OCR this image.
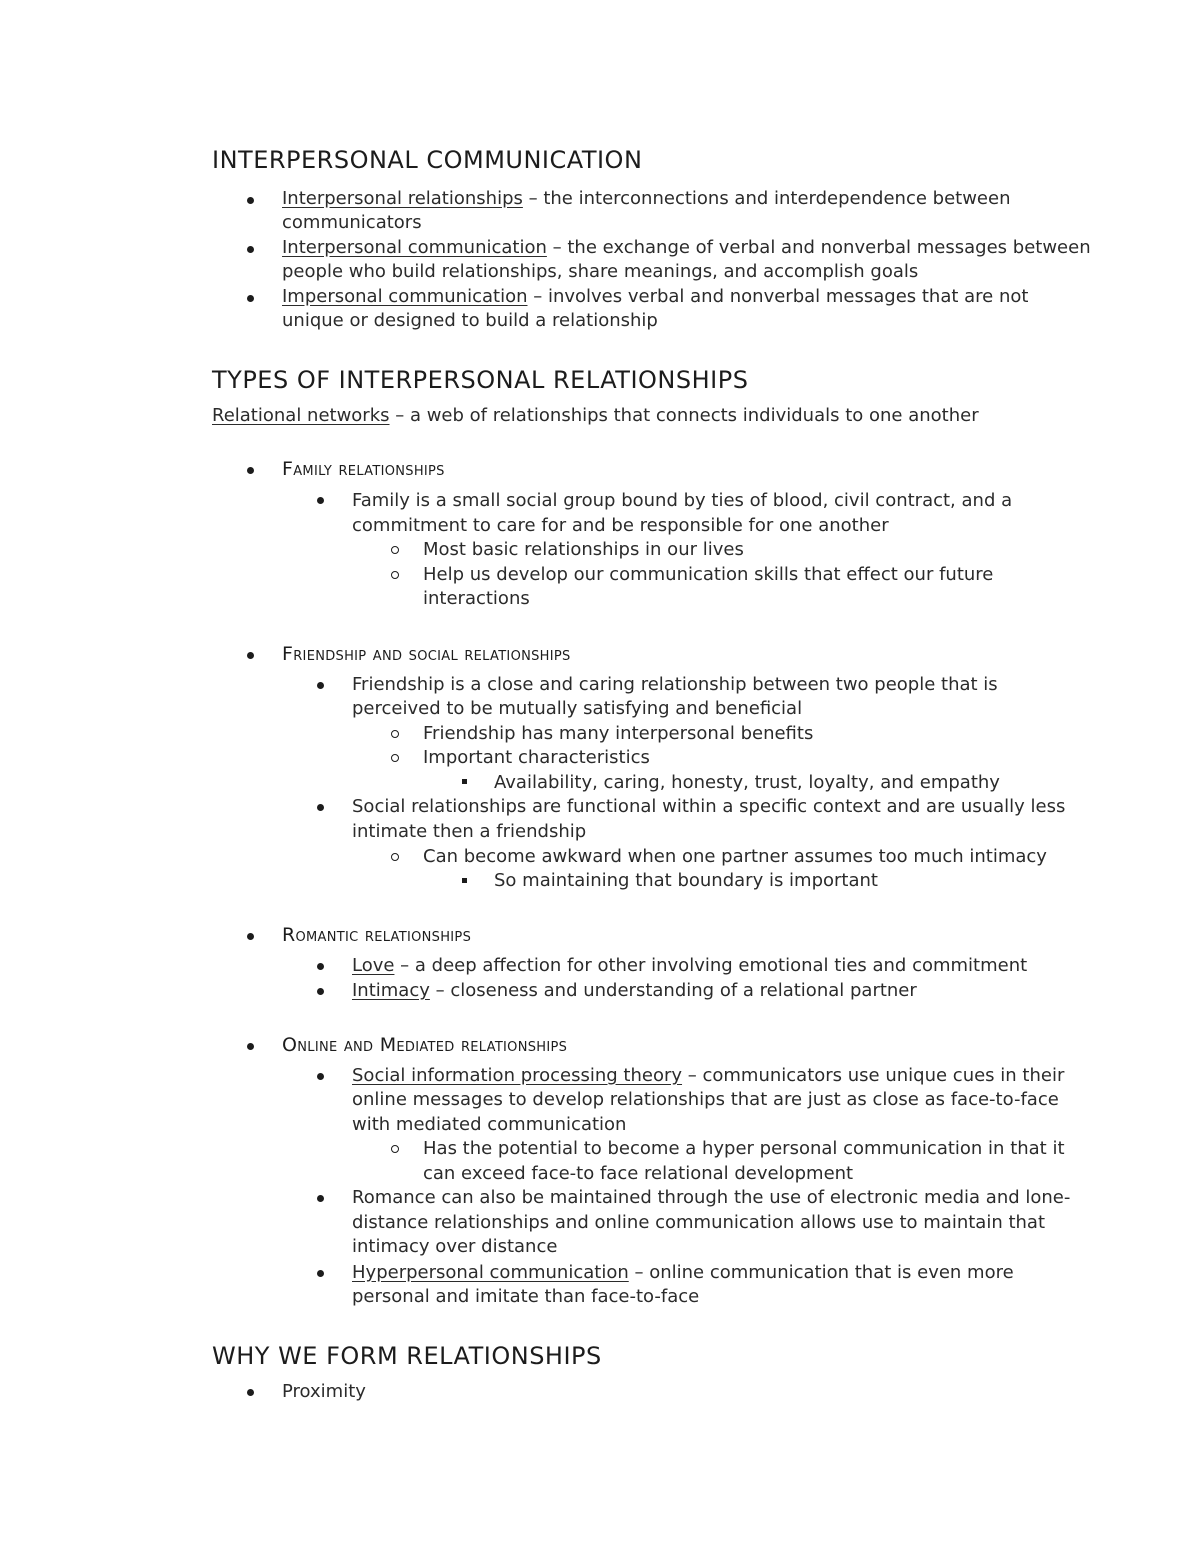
INTERPERSONAL COMMUNICATION

Interpersonal relationships – the interconnections and interdependence between

communicators

Interpersonal communication – the exchange of verbal and nonverbal messages between

people who build relationships, share meanings, and accomplish goals

Impersonal communication – involves verbal and nonverbal messages that are not

unique or designed to build a relationship

TYPES OF INTERPERSONAL RELATIONSHIPS

Relational networks – a web of relationships that connects individuals to one another

Family relationships

Family is a small social group bound by ties of blood, civil contract, and a

commitment to care for and be responsible for one another

Most basic relationships in our lives

Help us develop our communication skills that effect our future

interactions

Friendship and social relationships

Friendship is a close and caring relationship between two people that is

perceived to be mutually satisfying and beneficial

Friendship has many interpersonal benefits

Important characteristics

Availability, caring, honesty, trust, loyalty, and empathy

Social relationships are functional within a specific context and are usually less

intimate then a friendship

Can become awkward when one partner assumes too much intimacy

So maintaining that boundary is important

Romantic relationships

Love – a deep affection for other involving emotional ties and commitment

Intimacy – closeness and understanding of a relational partner

Online and Mediated relationships

Social information processing theory – communicators use unique cues in their

online messages to develop relationships that are just as close as face-to-face

with mediated communication

Has the potential to become a hyper personal communication in that it

can exceed face-to face relational development

Romance can also be maintained through the use of electronic media and lone-

distance relationships and online communication allows use to maintain that

intimacy over distance

Hyperpersonal communication – online communication that is even more

personal and imitate than face-to-face

WHY WE FORM RELATIONSHIPS

Proximity
